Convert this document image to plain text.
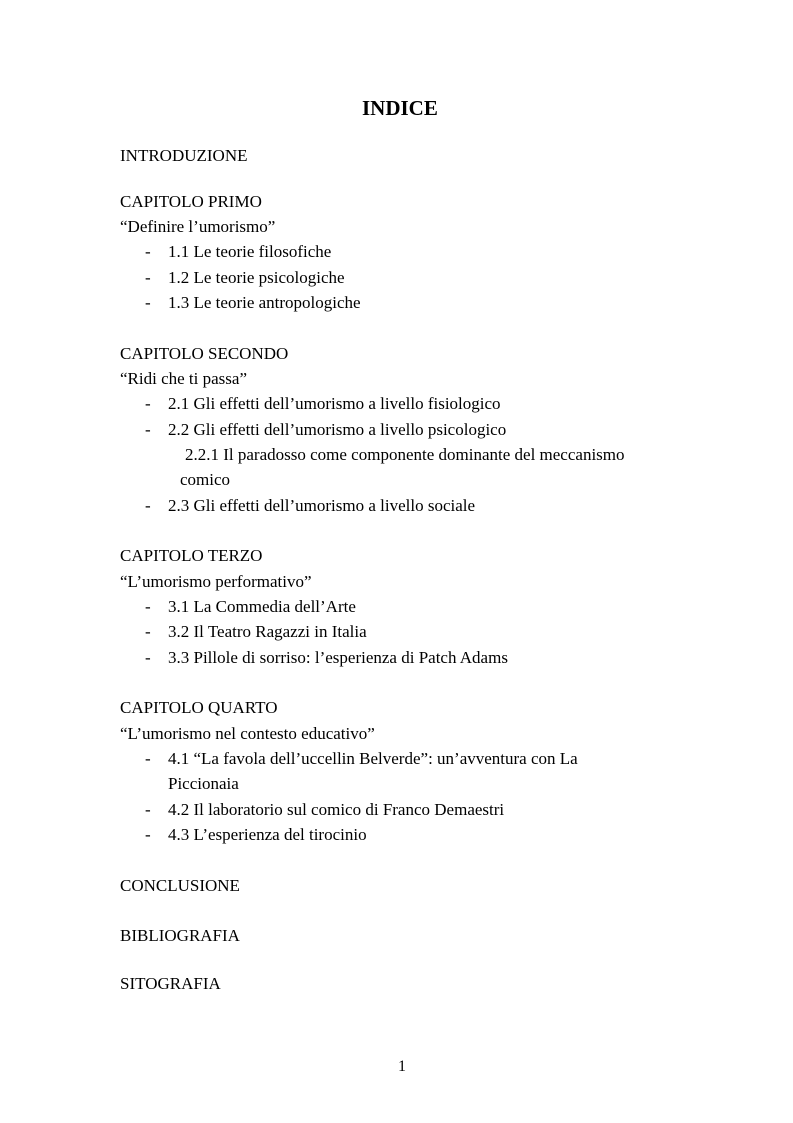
INDICE
INTRODUZIONE
CAPITOLO PRIMO
“Definire l’umorismo”
- 1.1 Le teorie filosofiche
- 1.2 Le teorie psicologiche
- 1.3 Le teorie antropologiche
CAPITOLO SECONDO
“Ridi che ti passa”
- 2.1 Gli effetti dell’umorismo a livello fisiologico
- 2.2 Gli effetti dell’umorismo a livello psicologico
2.2.1 Il paradosso come componente dominante del meccanismo
comico
- 2.3 Gli effetti dell’umorismo a livello sociale
CAPITOLO TERZO
“L’umorismo performativo”
- 3.1 La Commedia dell’Arte
- 3.2 Il Teatro Ragazzi in Italia
- 3.3 Pillole di sorriso: l’esperienza di Patch Adams
CAPITOLO QUARTO
“L’umorismo nel contesto educativo”
- 4.1 “La favola dell’uccellin Belverde”: un’avventura con La
Piccionaia
- 4.2 Il laboratorio sul comico di Franco Demaestri
- 4.3 L’esperienza del tirocinio
CONCLUSIONE
BIBLIOGRAFIA
SITOGRAFIA
1
